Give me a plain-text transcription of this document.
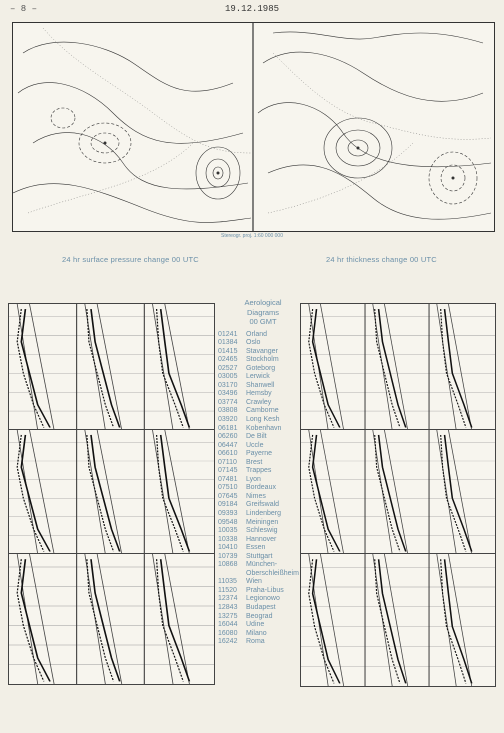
– 8 –	19.12.1985
Stereogr. proj. 1:60 000 000
24 hr surface pressure change 00 UTC	24 hr thickness change 00 UTC
Aerological
Diagrams
00 GMT
01241	Orland
01384	Oslo
01415	Stavanger
02465	Stockholm
02527	Goteborg
03005	Lerwick
03170	Shanwell
03496	Hemsby
03774	Crawley
03808	Camborne
03920	Long Kesh
06181	Kobenhavn
06260	De Bilt
06447	Uccle
06610	Payerne
07110	Brest
07145	Trappes
07481	Lyon
07510	Bordeaux
07645	Nimes
09184	Greifswald
09393	Lindenberg
09548	Meiningen
10035	Schleswig
10338	Hannover
10410	Essen
10739	Stuttgart
10868	München-
Oberschleißheim
11035	Wien
11520	Praha-Libus
12374	Legionowo
12843	Budapest
13275	Beograd
16044	Udine
16080	Milano
16242	Roma
